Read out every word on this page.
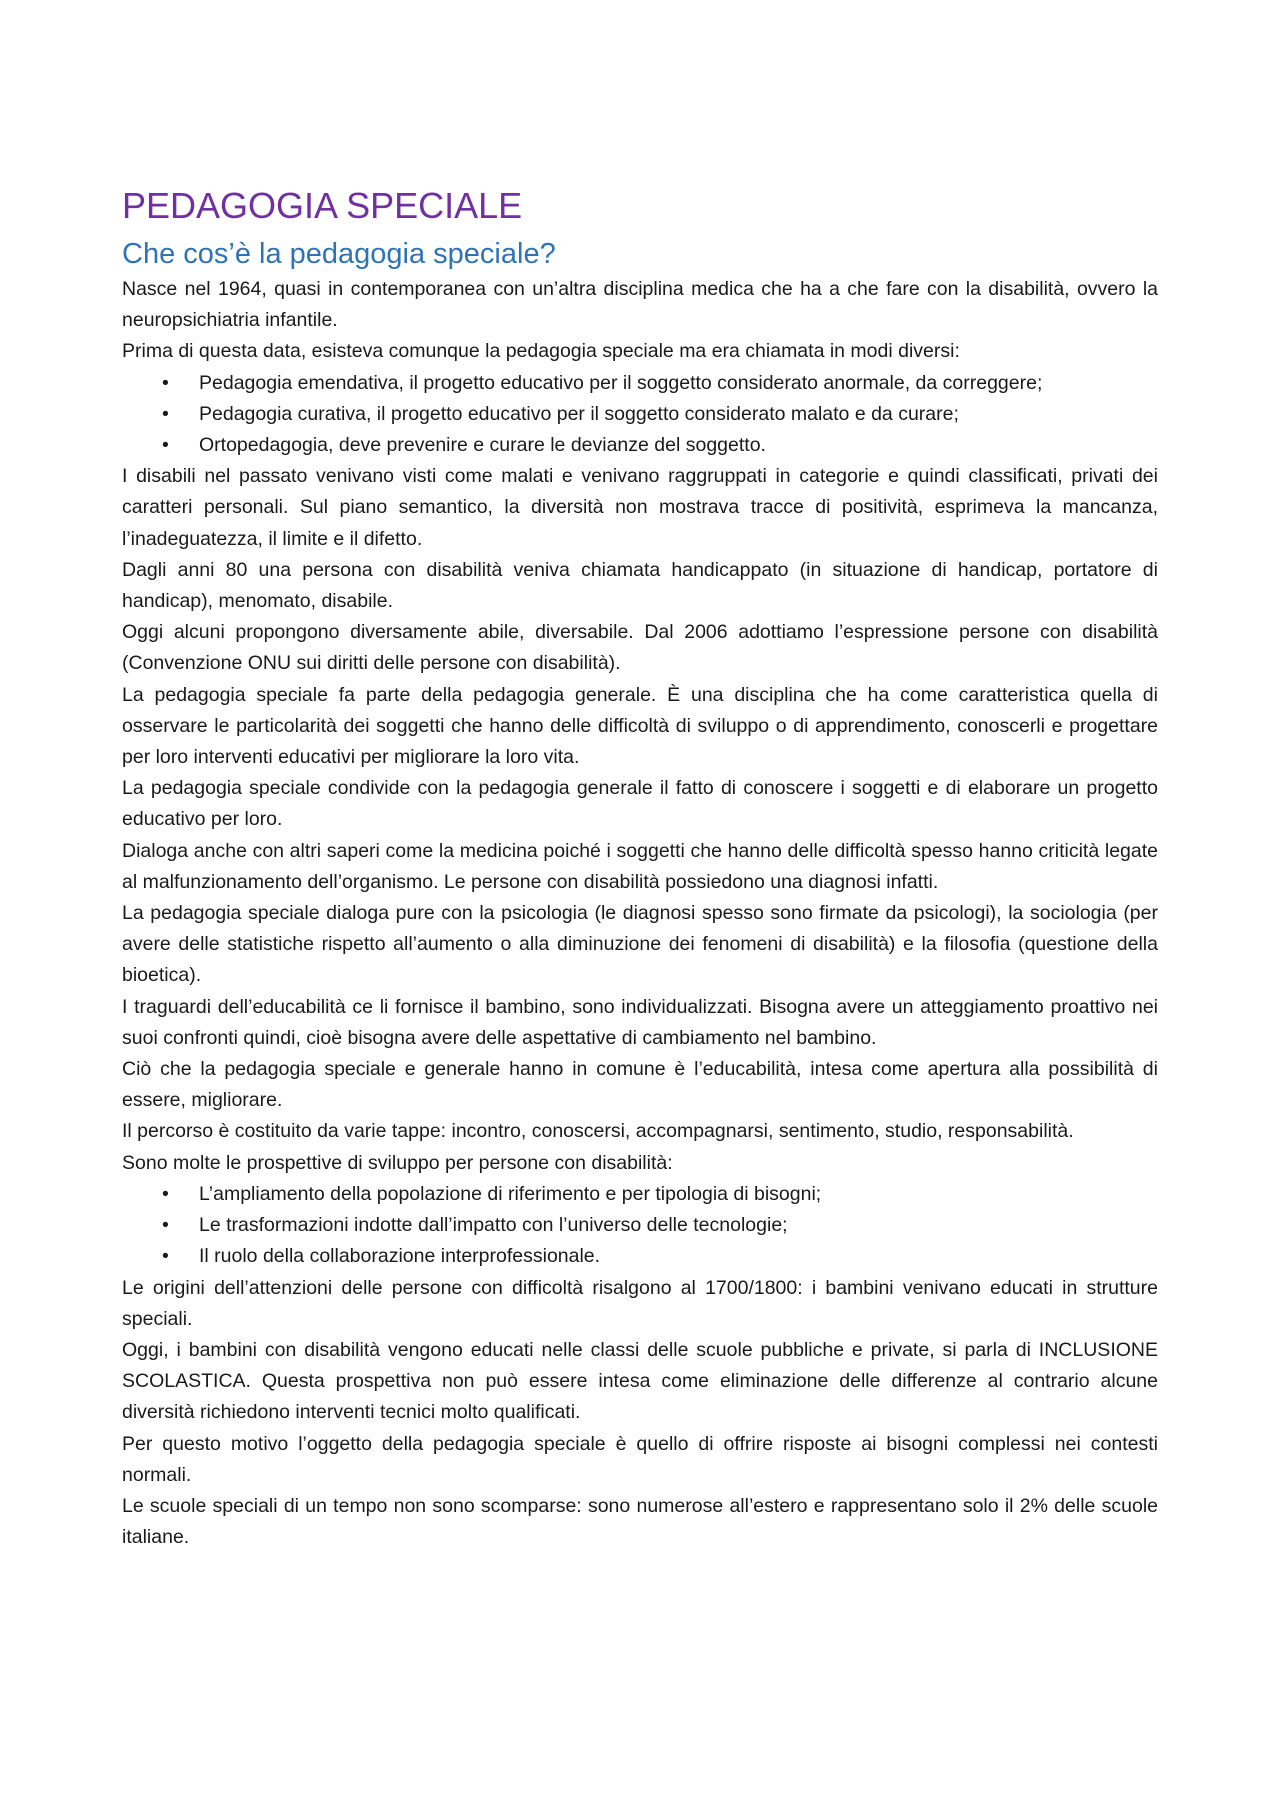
PEDAGOGIA SPECIALE
Che cos’è la pedagogia speciale?

Nasce nel 1964, quasi in contemporanea con un’altra disciplina medica che ha a che fare con la disabilità, ovvero la neuropsichiatria infantile.

Prima di questa data, esisteva comunque la pedagogia speciale ma era chiamata in modi diversi:

• Pedagogia emendativa, il progetto educativo per il soggetto considerato anormale, da correggere;
• Pedagogia curativa, il progetto educativo per il soggetto considerato malato e da curare;
• Ortopedagogia, deve prevenire e curare le devianze del soggetto.

I disabili nel passato venivano visti come malati e venivano raggruppati in categorie e quindi classificati, privati dei caratteri personali. Sul piano semantico, la diversità non mostrava tracce di positività, esprimeva la mancanza, l’inadeguatezza, il limite e il difetto.

Dagli anni 80 una persona con disabilità veniva chiamata handicappato (in situazione di handicap, portatore di handicap), menomato, disabile.

Oggi alcuni propongono diversamente abile, diversabile. Dal 2006 adottiamo l’espressione persone con disabilità (Convenzione ONU sui diritti delle persone con disabilità).

La pedagogia speciale fa parte della pedagogia generale. È una disciplina che ha come caratteristica quella di osservare le particolarità dei soggetti che hanno delle difficoltà di sviluppo o di apprendimento, conoscerli e progettare per loro interventi educativi per migliorare la loro vita.

La pedagogia speciale condivide con la pedagogia generale il fatto di conoscere i soggetti e di elaborare un progetto educativo per loro.

Dialoga anche con altri saperi come la medicina poiché i soggetti che hanno delle difficoltà spesso hanno criticità legate al malfunzionamento dell’organismo. Le persone con disabilità possiedono una diagnosi infatti.

La pedagogia speciale dialoga pure con la psicologia (le diagnosi spesso sono firmate da psicologi), la sociologia (per avere delle statistiche rispetto all’aumento o alla diminuzione dei fenomeni di disabilità) e la filosofia (questione della bioetica).

I traguardi dell’educabilità ce li fornisce il bambino, sono individualizzati. Bisogna avere un atteggiamento proattivo nei suoi confronti quindi, cioè bisogna avere delle aspettative di cambiamento nel bambino.

Ciò che la pedagogia speciale e generale hanno in comune è l’educabilità, intesa come apertura alla possibilità di essere, migliorare.

Il percorso è costituito da varie tappe: incontro, conoscersi, accompagnarsi, sentimento, studio, responsabilità.

Sono molte le prospettive di sviluppo per persone con disabilità:

• L’ampliamento della popolazione di riferimento e per tipologia di bisogni;
• Le trasformazioni indotte dall’impatto con l’universo delle tecnologie;
• Il ruolo della collaborazione interprofessionale.

Le origini dell’attenzioni delle persone con difficoltà risalgono al 1700/1800: i bambini venivano educati in strutture speciali.

Oggi, i bambini con disabilità vengono educati nelle classi delle scuole pubbliche e private, si parla di INCLUSIONE SCOLASTICA. Questa prospettiva non può essere intesa come eliminazione delle differenze al contrario alcune diversità richiedono interventi tecnici molto qualificati.

Per questo motivo l’oggetto della pedagogia speciale è quello di offrire risposte ai bisogni complessi nei contesti normali.

Le scuole speciali di un tempo non sono scomparse: sono numerose all’estero e rappresentano solo il 2% delle scuole italiane.
